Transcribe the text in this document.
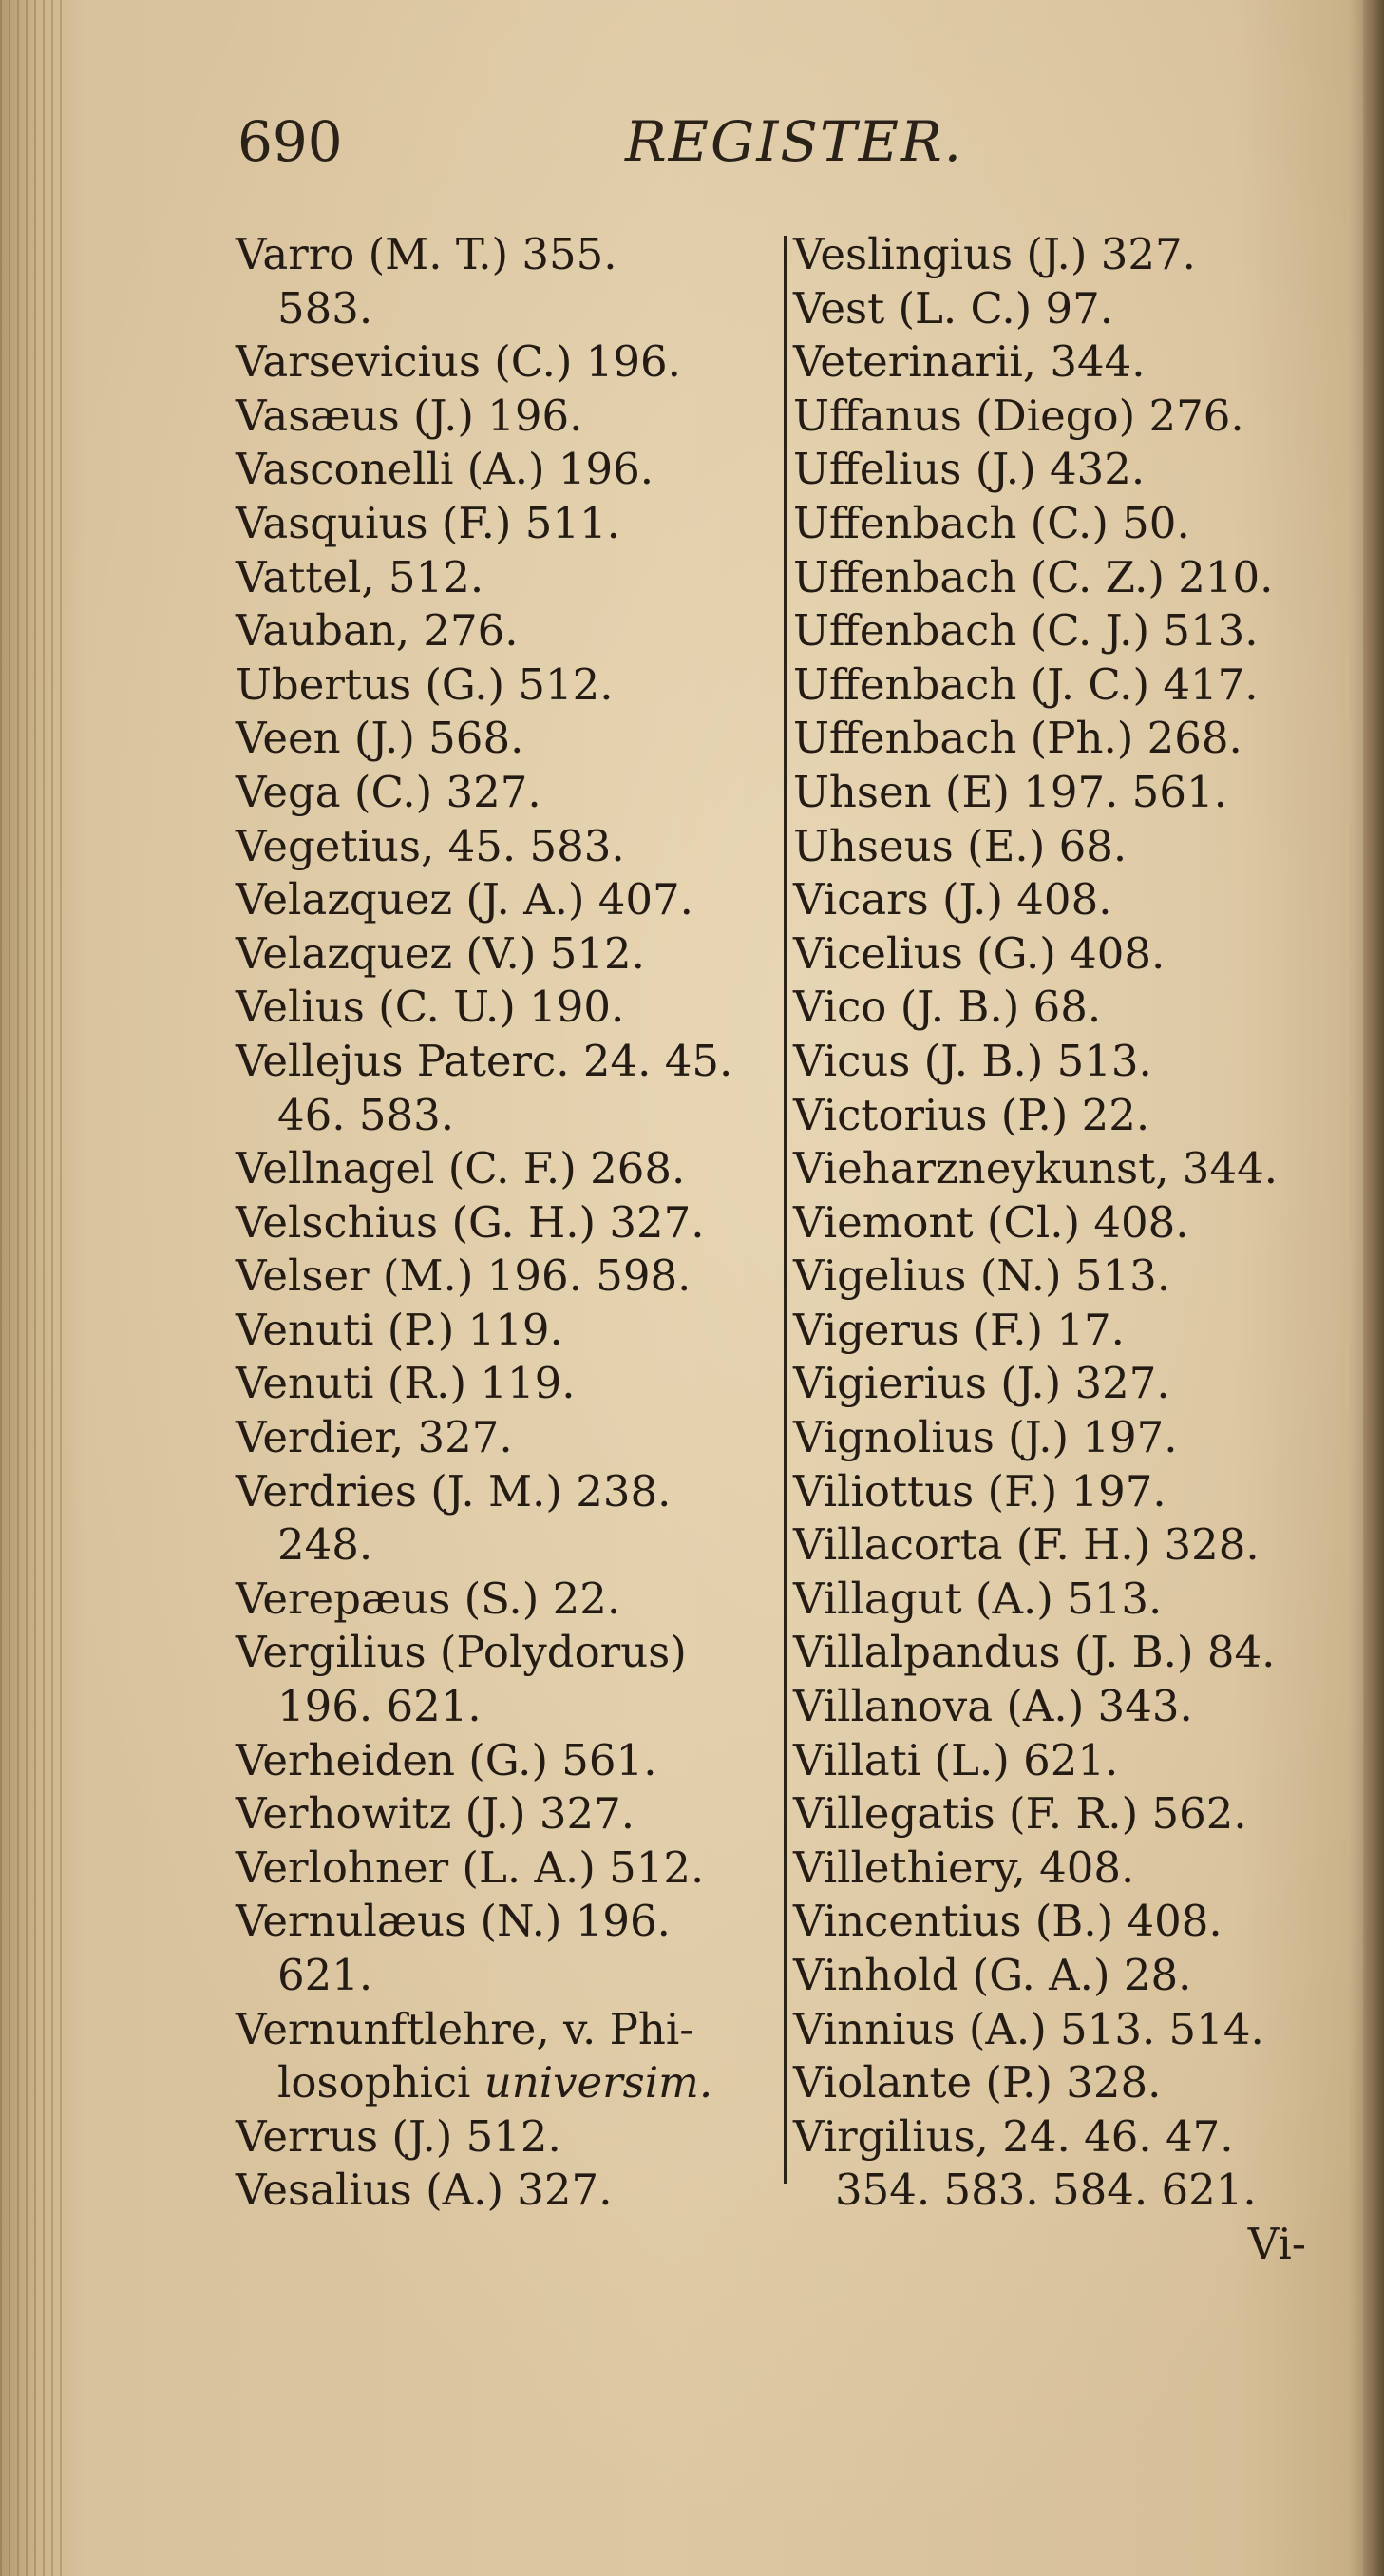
690	REGISTER.
Varro (M. T.) 355.
583.
Varsevicius (C.) 196.
Vasæus (J.) 196.
Vasconelli (A.) 196.
Vasquius (F.) 511.
Vattel, 512.
Vauban, 276.
Ubertus (G.) 512.
Veen (J.) 568.
Vega (C.) 327.
Vegetius, 45. 583.
Velazquez (J. A.) 407.
Velazquez (V.) 512.
Velius (C. U.) 190.
Vellejus Paterc. 24. 45.
46. 583.
Vellnagel (C. F.) 268.
Velschius (G. H.) 327.
Velser (M.) 196. 598.
Venuti (P.) 119.
Venuti (R.) 119.
Verdier, 327.
Verdries (J. M.) 238.
248.
Verepæus (S.) 22.
Vergilius (Polydorus)
196. 621.
Verheiden (G.) 561.
Verhowitz (J.) 327.
Verlohner (L. A.) 512.
Vernulæus (N.) 196.
621.
Vernunftlehre, v. Phi-
losophici universim.
Verrus (J.) 512.
Vesalius (A.) 327.
Veslingius (J.) 327.
Vest (L. C.) 97.
Veterinarii, 344.
Uffanus (Diego) 276.
Uffelius (J.) 432.
Uffenbach (C.) 50.
Uffenbach (C. Z.) 210.
Uffenbach (C. J.) 513.
Uffenbach (J. C.) 417.
Uffenbach (Ph.) 268.
Uhsen (E) 197. 561.
Uhseus (E.) 68.
Vicars (J.) 408.
Vicelius (G.) 408.
Vico (J. B.) 68.
Vicus (J. B.) 513.
Victorius (P.) 22.
Vieharzneykunst, 344.
Viemont (Cl.) 408.
Vigelius (N.) 513.
Vigerus (F.) 17.
Vigierius (J.) 327.
Vignolius (J.) 197.
Viliottus (F.) 197.
Villacorta (F. H.) 328.
Villagut (A.) 513.
Villalpandus (J. B.) 84.
Villanova (A.) 343.
Villati (L.) 621.
Villegatis (F. R.) 562.
Villethiery, 408.
Vincentius (B.) 408.
Vinhold (G. A.) 28.
Vinnius (A.) 513. 514.
Violante (P.) 328.
Virgilius, 24. 46. 47.
354. 583. 584. 621.
Vi-
